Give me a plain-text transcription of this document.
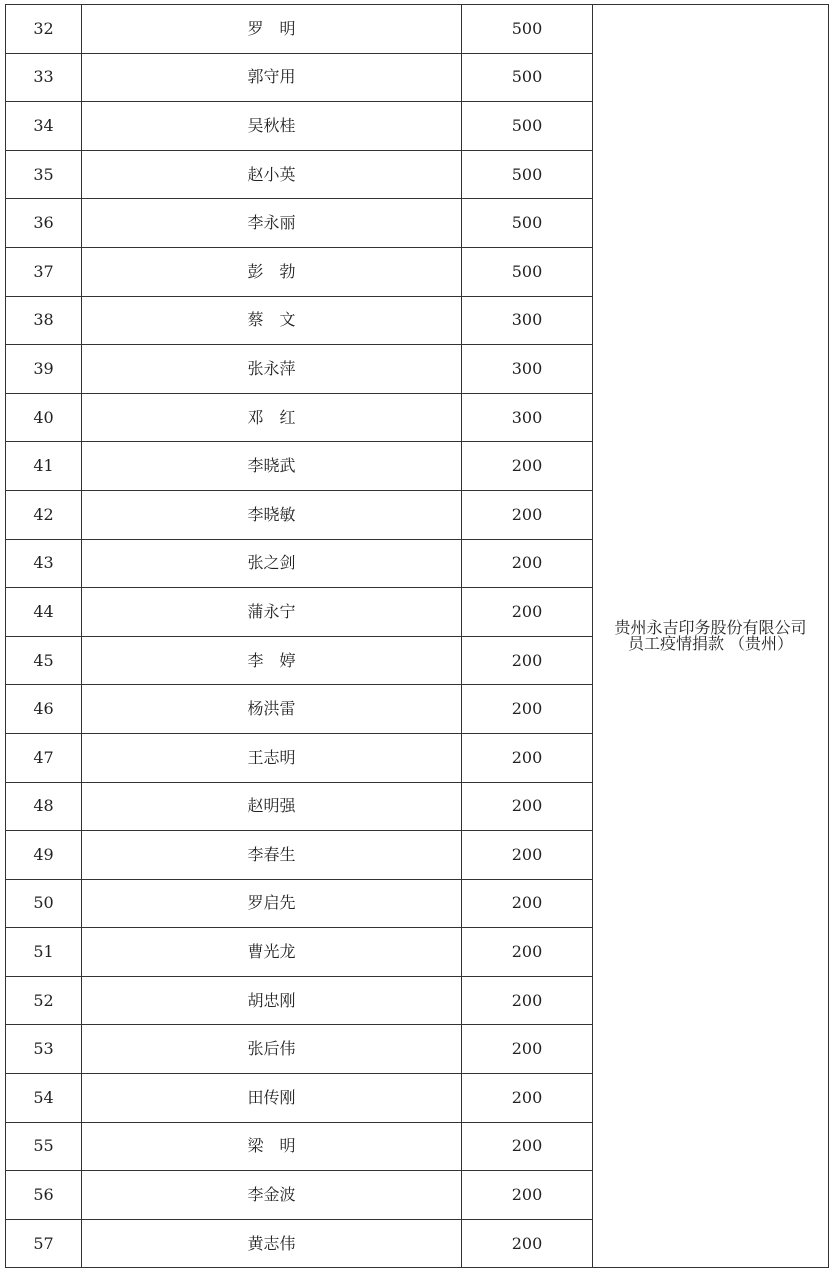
32	罗　明	500	贵州永吉印务股份有限公司
员工疫情捐款 （贵州）

33	郭守用	500	
34	吴秋桂	500	
35	赵小英	500	
36	李永丽	500	
37	彭　勃	500	
38	蔡　文	300	
39	张永萍	300	
40	邓　红	300	
41	李晓武	200	
42	李晓敏	200	
43	张之剑	200	
44	蒲永宁	200	
45	李　婷	200	
46	杨洪雷	200	
47	王志明	200	
48	赵明强	200	
49	李春生	200	
50	罗启先	200	
51	曹光龙	200	
52	胡忠刚	200	
53	张后伟	200	
54	田传刚	200	
55	梁　明	200	
56	李金波	200	
57	黄志伟	200	
